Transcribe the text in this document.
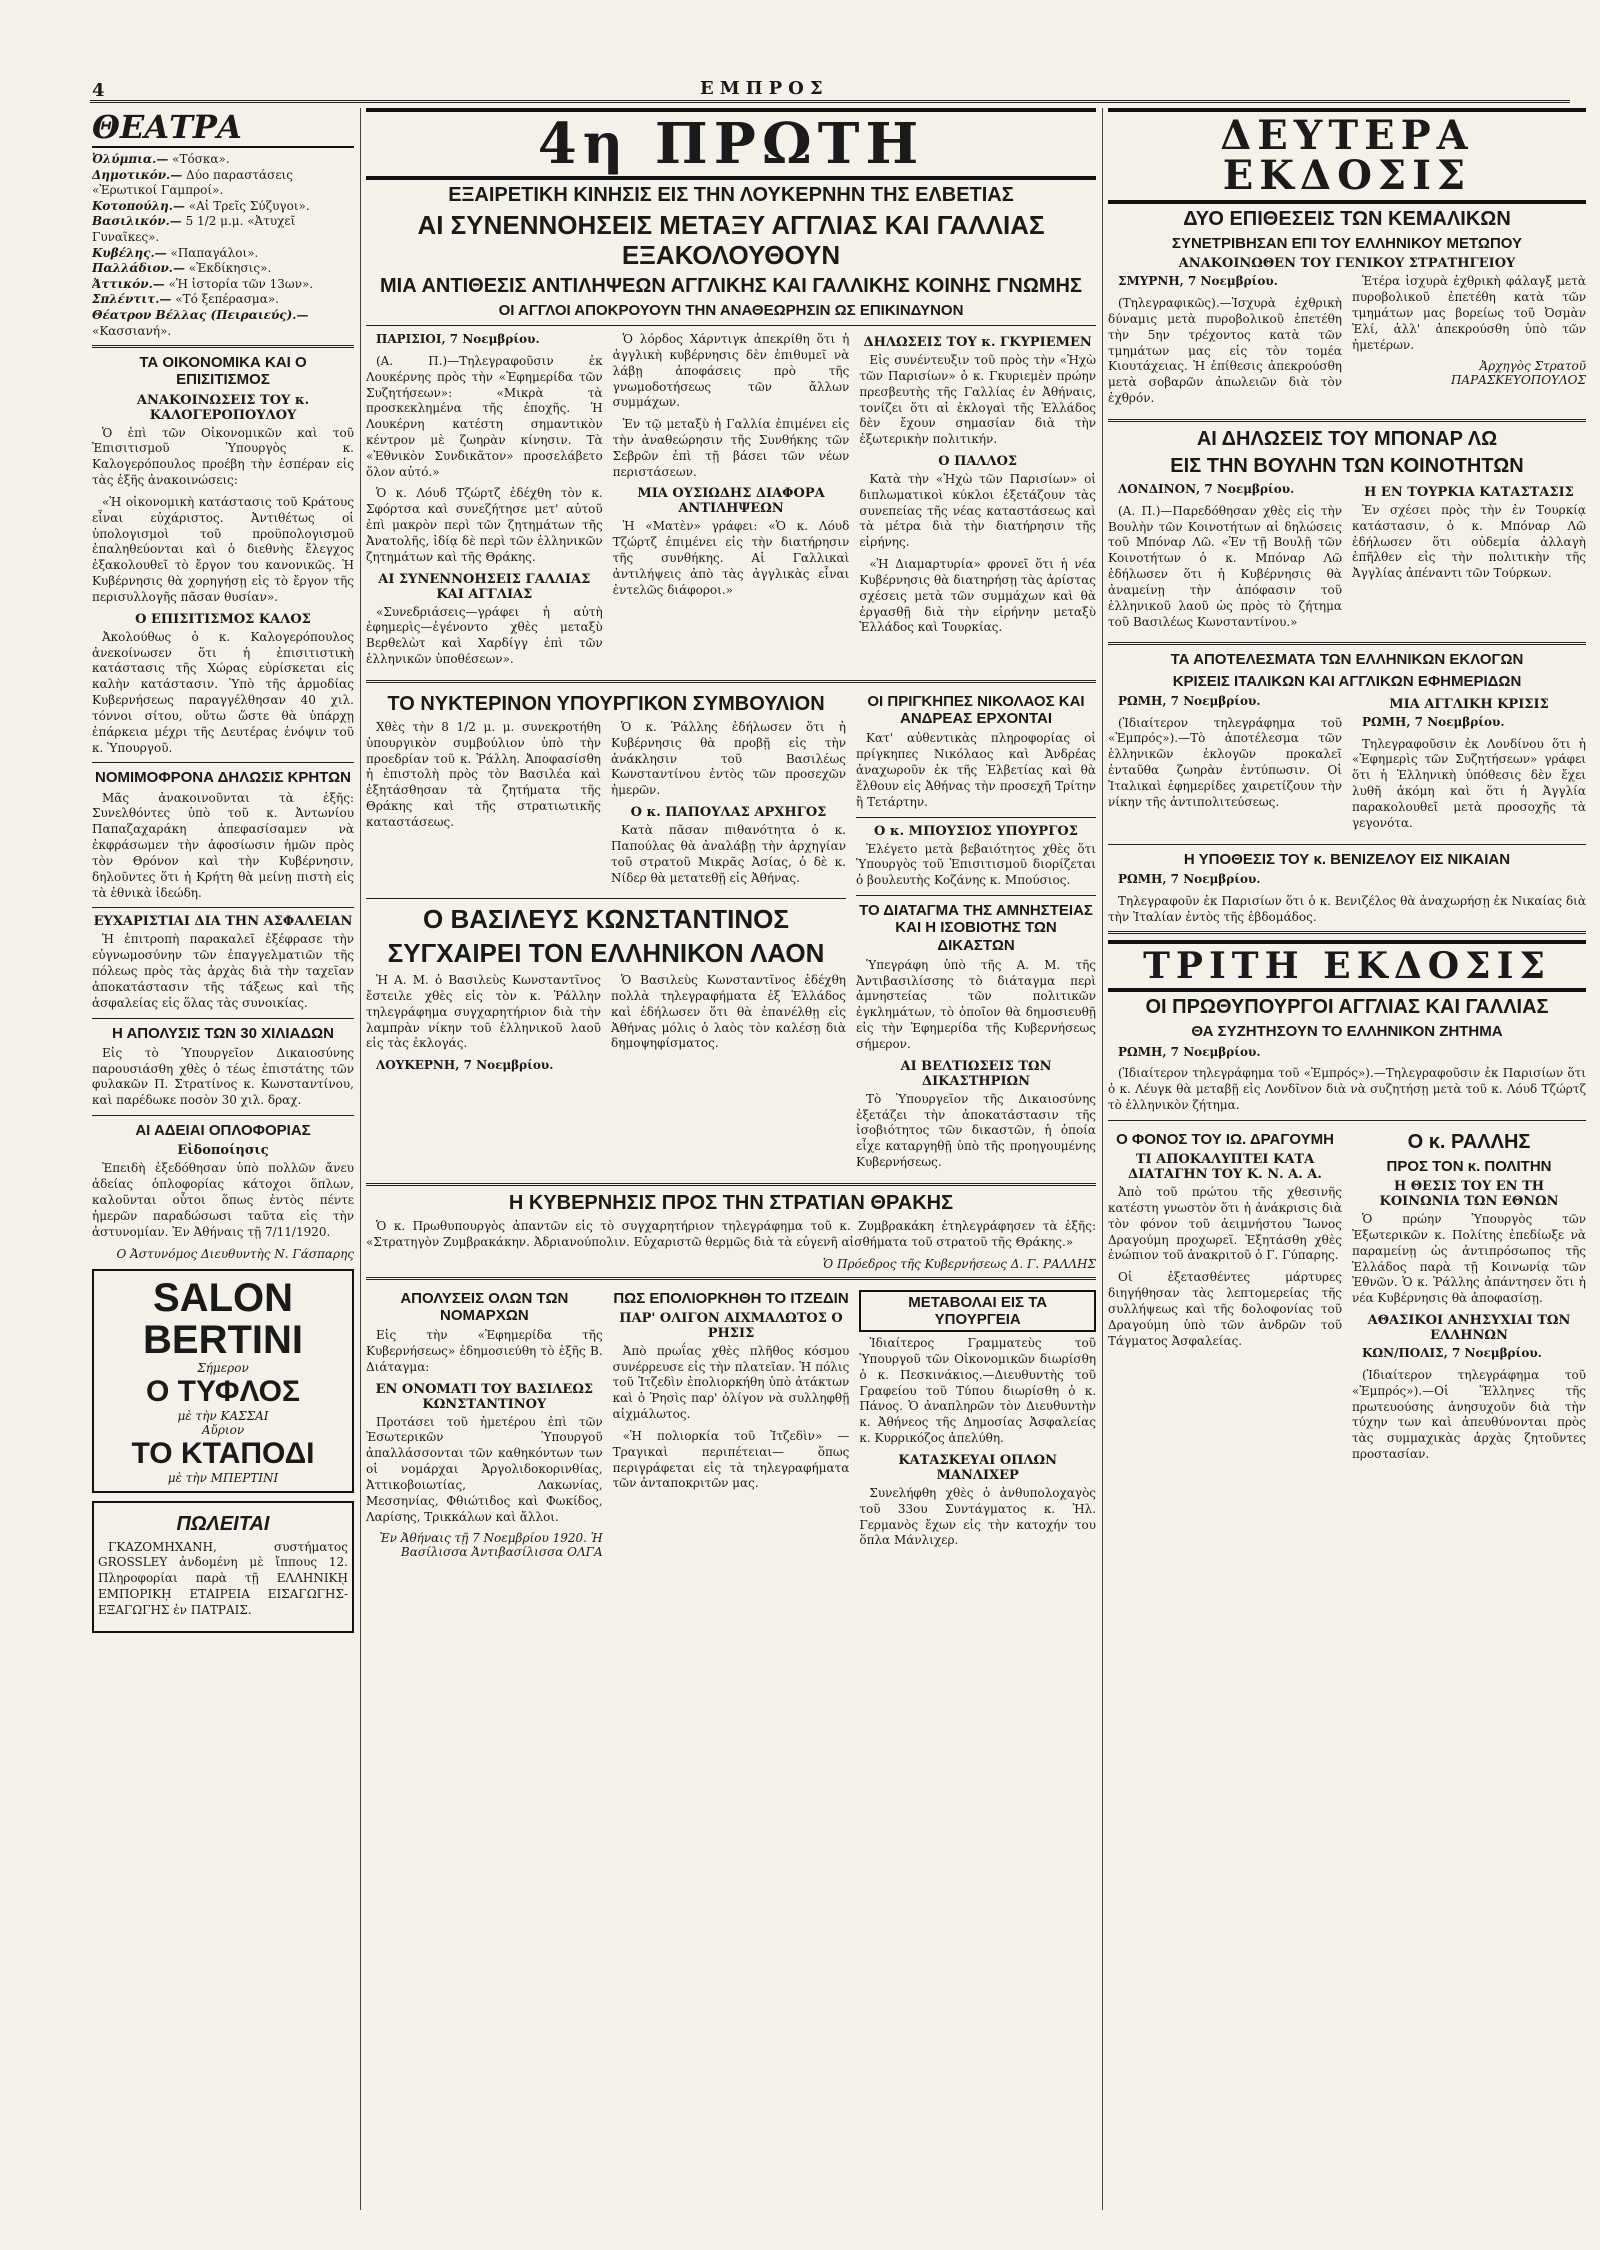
4	ΕΜΠΡΟΣ
ΘΕΑΤΡΑ

Ὀλύμπια.— «Τόσκα».

Δημοτικόν.— Δύο παραστάσεις «Ἐρωτικοί Γαμπροί».

Κοτοπούλη.— «Αἱ Τρεῖς Σύζυγοι».

Βασιλικόν.— 5 1/2 μ.μ. «Ἀτυχεῖ Γυναῖκες».

Κυβέλης.— «Παπαγάλοι».

Παλλάδιον.— «Ἐκδίκησις».

Ἀττικόν.— «Ἡ ἱστορία τῶν 13ων».

Σπλέντιτ.— «Τό ξεπέρασμα».

Θέατρον Βέλλας (Πειραιεύς).— «Κασσιανή».

ΤΑ ΟΙΚΟΝΟΜΙΚΑ ΚΑΙ Ο ΕΠΙΣΙΤΙΣΜΟΣ
ΑΝΑΚΟΙΝΩΣΕΙΣ ΤΟΥ κ. ΚΑΛΟΓΕΡΟΠΟΥΛΟΥ

Ὁ ἐπὶ τῶν Οἰκονομικῶν καὶ τοῦ Ἐπισιτισμοῦ Ὑπουργὸς κ. Καλογερόπουλος προέβη τὴν ἑσπέραν εἰς τὰς ἑξῆς ἀνακοινώσεις:

«Ἡ οἰκονομικὴ κατάστασις τοῦ Κράτους εἶναι εὐχάριστος. Ἀντιθέτως οἱ ὑπολογισμοὶ τοῦ προϋπολογισμοῦ ἐπαληθεύονται καὶ ὁ διεθνὴς ἔλεγχος ἐξακολουθεῖ τὸ ἔργον του κανονικῶς. Ἡ Κυβέρνησις θὰ χορηγήσῃ εἰς τὸ ἔργον τῆς περισυλλογῆς πᾶσαν θυσίαν».

Ο ΕΠΙΣΙΤΙΣΜΟΣ ΚΑΛΟΣ

Ἀκολούθως ὁ κ. Καλογερόπουλος ἀνεκοίνωσεν ὅτι ἡ ἐπισιτιστικὴ κατάστασις τῆς Χώρας εὑρίσκεται εἰς καλὴν κατάστασιν. Ὑπὸ τῆς ἀρμοδίας Κυβερνήσεως παραγγέλθησαν 40 χιλ. τόννοι σίτου, οὕτω ὥστε θὰ ὑπάρχῃ ἐπάρκεια μέχρι τῆς Δευτέρας ἐνόψιν τοῦ κ. Ὑπουργοῦ.

ΝΟΜΙΜΟΦΡΟΝΑ ΔΗΛΩΣΙΣ ΚΡΗΤΩΝ

Μᾶς ἀνακοινοῦνται τὰ ἑξῆς: Συνελθόντες ὑπὸ τοῦ κ. Ἀντωνίου Παπαζαχαράκη ἀπεφασίσαμεν νὰ ἐκφράσωμεν τὴν ἀφοσίωσιν ἡμῶν πρὸς τὸν Θρόνον καὶ τὴν Κυβέρνησιν, δηλοῦντες ὅτι ἡ Κρήτη θὰ μείνῃ πιστὴ εἰς τὰ ἐθνικὰ ἰδεώδη.

ΕΥΧΑΡΙΣΤΙΑΙ ΔΙΑ ΤΗΝ ΑΣΦΑΛΕΙΑΝ

Ἡ ἐπιτροπὴ παρακαλεῖ ἐξέφρασε τὴν εὐγνωμοσύνην τῶν ἐπαγγελματιῶν τῆς πόλεως πρὸς τὰς ἀρχὰς διὰ τὴν ταχεῖαν ἀποκατάστασιν τῆς τάξεως καὶ τῆς ἀσφαλείας εἰς ὅλας τὰς συνοικίας.

Η ΑΠΟΛΥΣΙΣ ΤΩΝ 30 ΧΙΛΙΑΔΩΝ

Εἰς τὸ Ὑπουργεῖον Δικαιοσύνης παρουσιάσθη χθὲς ὁ τέως ἐπιστάτης τῶν φυλακῶν Π. Στρατίνος κ. Κωνσταντίνου, καὶ παρέδωκε ποσὸν 30 χιλ. δραχ.

ΑΙ ΑΔΕΙΑΙ ΟΠΛΟΦΟΡΙΑΣ
Εἰδοποίησις

Ἐπειδὴ ἐξεδόθησαν ὑπὸ πολλῶν ἄνευ ἀδείας ὁπλοφορίας κάτοχοι ὅπλων, καλοῦνται οὗτοι ὅπως ἐντὸς πέντε ἡμερῶν παραδώσωσι ταῦτα εἰς τὴν ἀστυνομίαν. Ἐν Ἀθήναις τῇ 7/11/1920.

Ο Ἀστυνόμος Διευθυντὴς Ν. Γάσπαρης
SALON BERTINI
Σήμερον
Ο ΤΥΦΛΟΣ
μὲ τὴν ΚΑΣΣΑΙ
Αὔριον
ΤΟ ΚΤΑΠΟΔΙ
μὲ τὴν ΜΠΕΡΤΙΝΙ
ΠΩΛΕΙΤΑΙ

ΓΚΑΖΟΜΗΧΑΝΗ, συστήματος GROSSLEY ἀνδομένη μὲ ἴππους 12. Πληροφορίαι παρὰ τῇ ΕΛΛΗΝΙΚῌ ΕΜΠΟΡΙΚῌ ΕΤΑΙΡΕΙΑ ΕΙΣΑΓΩΓΗΣ-ΕΞΑΓΩΓΗΣ ἐν ΠΑΤΡΑΙΣ.

4η ΠΡΩΤΗ
ΕΞΑΙΡΕΤΙΚΗ ΚΙΝΗΣΙΣ ΕΙΣ ΤΗΝ ΛΟΥΚΕΡΝΗΝ ΤΗΣ ΕΛΒΕΤΙΑΣ
ΑΙ ΣΥΝΕΝΝΟΗΣΕΙΣ ΜΕΤΑΞΥ ΑΓΓΛΙΑΣ ΚΑΙ ΓΑΛΛΙΑΣ ΕΞΑΚΟΛΟΥΘΟΥΝ
ΜΙΑ ΑΝΤΙΘΕΣΙΣ ΑΝΤΙΛΗΨΕΩΝ ΑΓΓΛΙΚΗΣ ΚΑΙ ΓΑΛΛΙΚΗΣ ΚΟΙΝΗΣ ΓΝΩΜΗΣ
ΟΙ ΑΓΓΛΟΙ ΑΠΟΚΡΟΥΟΥΝ ΤΗΝ ΑΝΑΘΕΩΡΗΣΙΝ ΩΣ ΕΠΙΚΙΝΔΥΝΟΝ

ΠΑΡΙΣΙΟΙ, 7 Νοεμβρίου.

(Α. Π.)—Τηλεγραφοῦσιν ἐκ Λουκέρνης πρὸς τὴν «Ἐφημερίδα τῶν Συζητήσεων»: «Μικρὰ τὰ προσκεκλημένα τῆς ἐποχῆς. Ἡ Λουκέρνη κατέστη σημαντικὸν κέντρον μὲ ζωηρὰν κίνησιν. Τὰ «Ἐθνικὸν Συνδικᾶτον» προσελάβετο ὅλον αὐτό.»

Ὁ κ. Λόυδ Τζώρτζ ἐδέχθη τὸν κ. Σφόρτσα καὶ συνεζήτησε μετ' αὐτοῦ ἐπὶ μακρὸν περὶ τῶν ζητημάτων τῆς Ἀνατολῆς, ἰδίᾳ δὲ περὶ τῶν ἑλληνικῶν ζητημάτων καὶ τῆς Θράκης.

ΑΙ ΣΥΝΕΝΝΟΗΣΕΙΣ ΓΑΛΛΙΑΣ ΚΑΙ ΑΓΓΛΙΑΣ

«Συνεδριάσεις—γράφει ἡ αὐτὴ ἐφημερὶς—ἐγένοντο χθὲς μεταξὺ Βερθελὼτ καὶ Χαρδίγγ ἐπὶ τῶν ἑλληνικῶν ὑποθέσεων».

Ὁ λόρδος Χάρντιγκ ἀπεκρίθη ὅτι ἡ ἀγγλικὴ κυβέρνησις δὲν ἐπιθυμεῖ νὰ λάβῃ ἀποφάσεις πρὸ τῆς γνωμοδοτήσεως τῶν ἄλλων συμμάχων.

Ἐν τῷ μεταξὺ ἡ Γαλλία ἐπιμένει εἰς τὴν ἀναθεώρησιν τῆς Συνθήκης τῶν Σεβρῶν ἐπὶ τῇ βάσει τῶν νέων περιστάσεων.

ΜΙΑ ΟΥΣΙΩΔΗΣ ΔΙΑΦΟΡΑ ΑΝΤΙΛΗΨΕΩΝ

Ἡ «Ματὲν» γράφει: «Ὁ κ. Λόυδ Τζώρτζ ἐπιμένει εἰς τὴν διατήρησιν τῆς συνθήκης. Αἱ Γαλλικαὶ ἀντιλήψεις ἀπὸ τὰς ἀγγλικὰς εἶναι ἐντελῶς διάφοροι.»

ΔΗΛΩΣΕΙΣ ΤΟΥ κ. ΓΚΥΡΙΕΜΕΝ

Εἰς συνέντευξιν τοῦ πρὸς τὴν «Ἠχὼ τῶν Παρισίων» ὁ κ. Γκυριεμὲν πρώην πρεσβευτὴς τῆς Γαλλίας ἐν Ἀθήναις, τονίζει ὅτι αἱ ἐκλογαὶ τῆς Ἑλλάδος δὲν ἔχουν σημασίαν διὰ τὴν ἐξωτερικὴν πολιτικήν.

Ο ΠΑΛΛΟΣ

Κατὰ τὴν «Ἠχὼ τῶν Παρισίων» οἱ διπλωματικοὶ κύκλοι ἐξετάζουν τὰς συνεπείας τῆς νέας καταστάσεως καὶ τὰ μέτρα διὰ τὴν διατήρησιν τῆς εἰρήνης.

«Ἡ Διαμαρτυρία» φρονεῖ ὅτι ἡ νέα Κυβέρνησις θὰ διατηρήσῃ τὰς ἀρίστας σχέσεις μετὰ τῶν συμμάχων καὶ θὰ ἐργασθῇ διὰ τὴν εἰρήνην μεταξὺ Ἑλλάδος καὶ Τουρκίας.

ΤΟ ΝΥΚΤΕΡΙΝΟΝ ΥΠΟΥΡΓΙΚΟΝ ΣΥΜΒΟΥΛΙΟΝ

Χθὲς τὴν 8 1/2 μ. μ. συνεκροτήθη ὑπουργικὸν συμβούλιον ὑπὸ τὴν προεδρίαν τοῦ κ. Ῥάλλη. Ἀποφασίσθη ἡ ἐπιστολὴ πρὸς τὸν Βασιλέα καὶ ἐξητάσθησαν τὰ ζητήματα τῆς Θράκης καὶ τῆς στρατιωτικῆς καταστάσεως.

Ὁ κ. Ῥάλλης ἐδήλωσεν ὅτι ἡ Κυβέρνησις θὰ προβῇ εἰς τὴν ἀνάκλησιν τοῦ Βασιλέως Κωνσταντίνου ἐντὸς τῶν προσεχῶν ἡμερῶν.

Ο κ. ΠΑΠΟΥΛΑΣ ΑΡΧΗΓΟΣ

Κατὰ πᾶσαν πιθανότητα ὁ κ. Παπούλας θὰ ἀναλάβῃ τὴν ἀρχηγίαν τοῦ στρατοῦ Μικρᾶς Ἀσίας, ὁ δὲ κ. Νίδερ θὰ μετατεθῇ εἰς Ἀθήνας.

Ο ΒΑΣΙΛΕΥΣ ΚΩΝΣΤΑΝΤΙΝΟΣ
ΣΥΓΧΑΙΡΕΙ ΤΟΝ ΕΛΛΗΝΙΚΟΝ ΛΑΟΝ

Ἡ Α. Μ. ὁ Βασιλεὺς Κωνσταντῖνος ἔστειλε χθὲς εἰς τὸν κ. Ῥάλλην τηλεγράφημα συγχαρητήριον διὰ τὴν λαμπρὰν νίκην τοῦ ἑλληνικοῦ λαοῦ εἰς τὰς ἐκλογάς.

ΛΟΥΚΕΡΝΗ, 7 Νοεμβρίου.

Ὁ Βασιλεὺς Κωνσταντῖνος ἐδέχθη πολλὰ τηλεγραφήματα ἐξ Ἑλλάδος καὶ ἐδήλωσεν ὅτι θὰ ἐπανέλθῃ εἰς Ἀθήνας μόλις ὁ λαὸς τὸν καλέσῃ διὰ δημοψηφίσματος.

ΟΙ ΠΡΙΓΚΗΠΕΣ ΝΙΚΟΛΑΟΣ ΚΑΙ ΑΝΔΡΕΑΣ ΕΡΧΟΝΤΑΙ

Κατ' αὐθεντικὰς πληροφορίας οἱ πρίγκηπες Νικόλαος καὶ Ἀνδρέας ἀναχωροῦν ἐκ τῆς Ἑλβετίας καὶ θὰ ἔλθουν εἰς Ἀθήνας τὴν προσεχῆ Τρίτην ἢ Τετάρτην.

Ο κ. ΜΠΟΥΣΙΟΣ ΥΠΟΥΡΓΟΣ

Ἐλέγετο μετὰ βεβαιότητος χθὲς ὅτι Ὑπουργὸς τοῦ Ἐπισιτισμοῦ διορίζεται ὁ βουλευτὴς Κοζάνης κ. Μπούσιος.

ΤΟ ΔΙΑΤΑΓΜΑ ΤΗΣ ΑΜΝΗΣΤΕΙΑΣ ΚΑΙ Η ΙΣΟΒΙΟΤΗΣ ΤΩΝ ΔΙΚΑΣΤΩΝ

Ὑπεγράφη ὑπὸ τῆς Α. Μ. τῆς Ἀντιβασιλίσσης τὸ διάταγμα περὶ ἀμνηστείας τῶν πολιτικῶν ἐγκλημάτων, τὸ ὁποῖον θὰ δημοσιευθῇ εἰς τὴν Ἐφημερίδα τῆς Κυβερνήσεως σήμερον.

ΑΙ ΒΕΛΤΙΩΣΕΙΣ ΤΩΝ ΔΙΚΑΣΤΗΡΙΩΝ

Τὸ Ὑπουργεῖον τῆς Δικαιοσύνης ἐξετάζει τὴν ἀποκατάστασιν τῆς ἰσοβιότητος τῶν δικαστῶν, ἡ ὁποία εἶχε καταργηθῇ ὑπὸ τῆς προηγουμένης Κυβερνήσεως.

Η ΚΥΒΕΡΝΗΣΙΣ ΠΡΟΣ ΤΗΝ ΣΤΡΑΤΙΑΝ ΘΡΑΚΗΣ

Ὁ κ. Πρωθυπουργὸς ἀπαντῶν εἰς τὸ συγχαρητήριον τηλεγράφημα τοῦ κ. Ζυμβρακάκη ἐτηλεγράφησεν τὰ ἑξῆς: «Στρατηγὸν Ζυμβρακάκην. Ἀδριανούπολιν. Εὐχαριστῶ θερμῶς διὰ τὰ εὐγενῆ αἰσθήματα τοῦ στρατοῦ τῆς Θράκης.»

Ὁ Πρόεδρος τῆς Κυβερνήσεως Δ. Γ. ΡΑΛΛΗΣ
ΑΠΟΛΥΣΕΙΣ ΟΛΩΝ ΤΩΝ ΝΟΜΑΡΧΩΝ

Εἰς τὴν «Ἐφημερίδα τῆς Κυβερνήσεως» ἐδημοσιεύθη τὸ ἑξῆς Β. Διάταγμα:

ΕΝ ΟΝΟΜΑΤΙ ΤΟΥ ΒΑΣΙΛΕΩΣ ΚΩΝΣΤΑΝΤΙΝΟΥ

Προτάσει τοῦ ἡμετέρου ἐπὶ τῶν Ἐσωτερικῶν Ὑπουργοῦ ἀπαλλάσσονται τῶν καθηκόντων των οἱ νομάρχαι Ἀργολιδοκορινθίας, Ἀττικοβοιωτίας, Λακωνίας, Μεσσηνίας, Φθιώτιδος καὶ Φωκίδος, Λαρίσης, Τρικκάλων καὶ ἄλλοι.

Ἐν Ἀθήναις τῇ 7 Νοεμβρίου 1920. Ἡ Βασίλισσα Ἀντιβασίλισσα ΟΛΓΑ
ΠΩΣ ΕΠΟΛΙΟΡΚΗΘΗ ΤΟ ΙΤΖΕΔΙΝ
ΠΑΡ' ΟΛΙΓΟΝ ΑΙΧΜΑΛΩΤΟΣ Ο ΡΗΣΙΣ

Ἀπὸ πρωΐας χθὲς πλῆθος κόσμου συνέρρευσε εἰς τὴν πλατεῖαν. Ἡ πόλις τοῦ Ἰτζεδὶν ἐπολιορκήθη ὑπὸ ἀτάκτων καὶ ὁ Ῥησὶς παρ' ὀλίγον νὰ συλληφθῇ αἰχμάλωτος.

«Ἡ πολιορκία τοῦ Ἰτζεδὶν» —Τραγικαὶ περιπέτειαι— ὅπως περιγράφεται εἰς τὰ τηλεγραφήματα τῶν ἀνταποκριτῶν μας.

ΜΕΤΑΒΟΛΑΙ ΕΙΣ ΤΑ ΥΠΟΥΡΓΕΙΑ

Ἰδιαίτερος Γραμματεὺς τοῦ Ὑπουργοῦ τῶν Οἰκονομικῶν διωρίσθη ὁ κ. Πεσκινάκιος.—Διευθυντὴς τοῦ Γραφείου τοῦ Τύπου διωρίσθη ὁ κ. Πάνος. Ὁ ἀναπληρῶν τὸν Διευθυντὴν κ. Ἀθήνεος τῆς Δημοσίας Ἀσφαλείας κ. Κυρρικόζος ἀπελύθη.

ΚΑΤΑΣΚΕΥΑΙ ΟΠΛΩΝ ΜΑΝΛΙΧΕΡ

Συνελήφθη χθὲς ὁ ἀνθυπολοχαγὸς τοῦ 33ου Συντάγματος κ. Ἠλ. Γερμανὸς ἔχων εἰς τὴν κατοχήν του ὅπλα Μάνλιχερ.

ΔΕΥΤΕΡΑ ΕΚΔΟΣΙΣ
ΔΥΟ ΕΠΙΘΕΣΕΙΣ ΤΩΝ ΚΕΜΑΛΙΚΩΝ
ΣΥΝΕΤΡΙΒΗΣΑΝ ΕΠΙ ΤΟΥ ΕΛΛΗΝΙΚΟΥ ΜΕΤΩΠΟΥ
ΑΝΑΚΟΙΝΩΘΕΝ ΤΟΥ ΓΕΝΙΚΟΥ ΣΤΡΑΤΗΓΕΙΟΥ

ΣΜΥΡΝΗ, 7 Νοεμβρίου.

(Τηλεγραφικῶς).—Ἰσχυρὰ ἐχθρικὴ δύναμις μετὰ πυροβολικοῦ ἐπετέθη τὴν 5ην τρέχοντος κατὰ τῶν τμημάτων μας εἰς τὸν τομέα Κιουτάχειας. Ἡ ἐπίθεσις ἀπεκρούσθη μετὰ σοβαρῶν ἀπωλειῶν διὰ τὸν ἐχθρόν.

Ἑτέρα ἰσχυρὰ ἐχθρικὴ φάλαγξ μετὰ πυροβολικοῦ ἐπετέθη κατὰ τῶν τμημάτων μας βορείως τοῦ Ὀσμὰν Ἐλί, ἀλλ' ἀπεκρούσθη ὑπὸ τῶν ἡμετέρων.

Ἀρχηγὸς Στρατοῦ ΠΑΡΑΣΚΕΥΟΠΟΥΛΟΣ
ΑΙ ΔΗΛΩΣΕΙΣ ΤΟΥ ΜΠΟΝΑΡ ΛΩ
ΕΙΣ ΤΗΝ ΒΟΥΛΗΝ ΤΩΝ ΚΟΙΝΟΤΗΤΩΝ

ΛΟΝΔΙΝΟΝ, 7 Νοεμβρίου.

(Α. Π.)—Παρεδόθησαν χθὲς εἰς τὴν Βουλὴν τῶν Κοινοτήτων αἱ δηλώσεις τοῦ Μπόναρ Λῶ. «Ἐν τῇ Βουλῇ τῶν Κοινοτήτων ὁ κ. Μπόναρ Λῶ ἐδήλωσεν ὅτι ἡ Κυβέρνησις θὰ ἀναμείνῃ τὴν ἀπόφασιν τοῦ ἑλληνικοῦ λαοῦ ὡς πρὸς τὸ ζήτημα τοῦ Βασιλέως Κωνσταντίνου.»

Η ΕΝ ΤΟΥΡΚΙΑ ΚΑΤΑΣΤΑΣΙΣ

Ἐν σχέσει πρὸς τὴν ἐν Τουρκίᾳ κατάστασιν, ὁ κ. Μπόναρ Λῶ ἐδήλωσεν ὅτι οὐδεμία ἀλλαγὴ ἐπῆλθεν εἰς τὴν πολιτικὴν τῆς Ἀγγλίας ἀπέναντι τῶν Τούρκων.

ΤΑ ΑΠΟΤΕΛΕΣΜΑΤΑ ΤΩΝ ΕΛΛΗΝΙΚΩΝ ΕΚΛΟΓΩΝ
ΚΡΙΣΕΙΣ ΙΤΑΛΙΚΩΝ ΚΑΙ ΑΓΓΛΙΚΩΝ ΕΦΗΜΕΡΙΔΩΝ

ΡΩΜΗ, 7 Νοεμβρίου.

(Ἰδιαίτερον τηλεγράφημα τοῦ «Ἐμπρός»).—Τὸ ἀποτέλεσμα τῶν ἑλληνικῶν ἐκλογῶν προκαλεῖ ἐνταῦθα ζωηρὰν ἐντύπωσιν. Οἱ Ἰταλικαὶ ἐφημερίδες χαιρετίζουν τὴν νίκην τῆς ἀντιπολιτεύσεως.

ΜΙΑ ΑΓΓΛΙΚΗ ΚΡΙΣΙΣ

ΡΩΜΗ, 7 Νοεμβρίου.

Τηλεγραφοῦσιν ἐκ Λονδίνου ὅτι ἡ «Ἐφημερὶς τῶν Συζητήσεων» γράφει ὅτι ἡ Ἑλληνικὴ ὑπόθεσις δὲν ἔχει λυθῆ ἀκόμη καὶ ὅτι ἡ Ἀγγλία παρακολουθεῖ μετὰ προσοχῆς τὰ γεγονότα.

Η ΥΠΟΘΕΣΙΣ ΤΟΥ κ. ΒΕΝΙΖΕΛΟΥ ΕΙΣ ΝΙΚΑΙΑΝ

ΡΩΜΗ, 7 Νοεμβρίου.

Τηλεγραφοῦν ἐκ Παρισίων ὅτι ὁ κ. Βενιζέλος θὰ ἀναχωρήσῃ ἐκ Νικαίας διὰ τὴν Ἰταλίαν ἐντὸς τῆς ἑβδομάδος.

ΤΡΙΤΗ ΕΚΔΟΣΙΣ
ΟΙ ΠΡΩΘΥΠΟΥΡΓΟΙ ΑΓΓΛΙΑΣ ΚΑΙ ΓΑΛΛΙΑΣ
ΘΑ ΣΥΖΗΤΗΣΟΥΝ ΤΟ ΕΛΛΗΝΙΚΟΝ ΖΗΤΗΜΑ

ΡΩΜΗ, 7 Νοεμβρίου.

(Ἰδιαίτερον τηλεγράφημα τοῦ «Ἐμπρός»).—Τηλεγραφοῦσιν ἐκ Παρισίων ὅτι ὁ κ. Λέυγκ θὰ μεταβῇ εἰς Λονδῖνον διὰ νὰ συζητήσῃ μετὰ τοῦ κ. Λόυδ Τζώρτζ τὸ ἑλληνικὸν ζήτημα.

Ο ΦΟΝΟΣ ΤΟΥ ΙΩ. ΔΡΑΓΟΥΜΗ
ΤΙ ΑΠΟΚΑΛΥΠΤΕΙ ΚΑΤΑ ΔΙΑΤΑΓΗΝ ΤΟΥ Κ. Ν. Α. Α.

Ἀπὸ τοῦ πρώτου τῆς χθεσινῆς κατέστη γνωστὸν ὅτι ἡ ἀνάκρισις διὰ τὸν φόνον τοῦ ἀειμνήστου Ἴωνος Δραγούμη προχωρεῖ. Ἐξητάσθη χθὲς ἐνώπιον τοῦ ἀνακριτοῦ ὁ Γ. Γύπαρης.

Οἱ ἐξετασθέντες μάρτυρες διηγήθησαν τὰς λεπτομερείας τῆς συλλήψεως καὶ τῆς δολοφονίας τοῦ Δραγούμη ὑπὸ τῶν ἀνδρῶν τοῦ Τάγματος Ἀσφαλείας.

Ο κ. ΡΑΛΛΗΣ
ΠΡΟΣ ΤΟΝ κ. ΠΟΛΙΤΗΝ
Η ΘΕΣΙΣ ΤΟΥ ΕΝ ΤΗ ΚΟΙΝΩΝΙΑ ΤΩΝ ΕΘΝΩΝ

Ὁ πρώην Ὑπουργὸς τῶν Ἐξωτερικῶν κ. Πολίτης ἐπεδίωξε νὰ παραμείνῃ ὡς ἀντιπρόσωπος τῆς Ἑλλάδος παρὰ τῇ Κοινωνίᾳ τῶν Ἐθνῶν. Ὁ κ. Ῥάλλης ἀπάντησεν ὅτι ἡ νέα Κυβέρνησις θὰ ἀποφασίσῃ.

ΑΘΑΣΙΚΟΙ ΑΝΗΣΥΧΙΑΙ ΤΩΝ ΕΛΛΗΝΩΝ

ΚΩΝ/ΠΟΛΙΣ, 7 Νοεμβρίου.

(Ἰδιαίτερον τηλεγράφημα τοῦ «Ἐμπρός»).—Οἱ Ἕλληνες τῆς πρωτευούσης ἀνησυχοῦν διὰ τὴν τύχην των καὶ ἀπευθύνονται πρὸς τὰς συμμαχικὰς ἀρχὰς ζητοῦντες προστασίαν.
